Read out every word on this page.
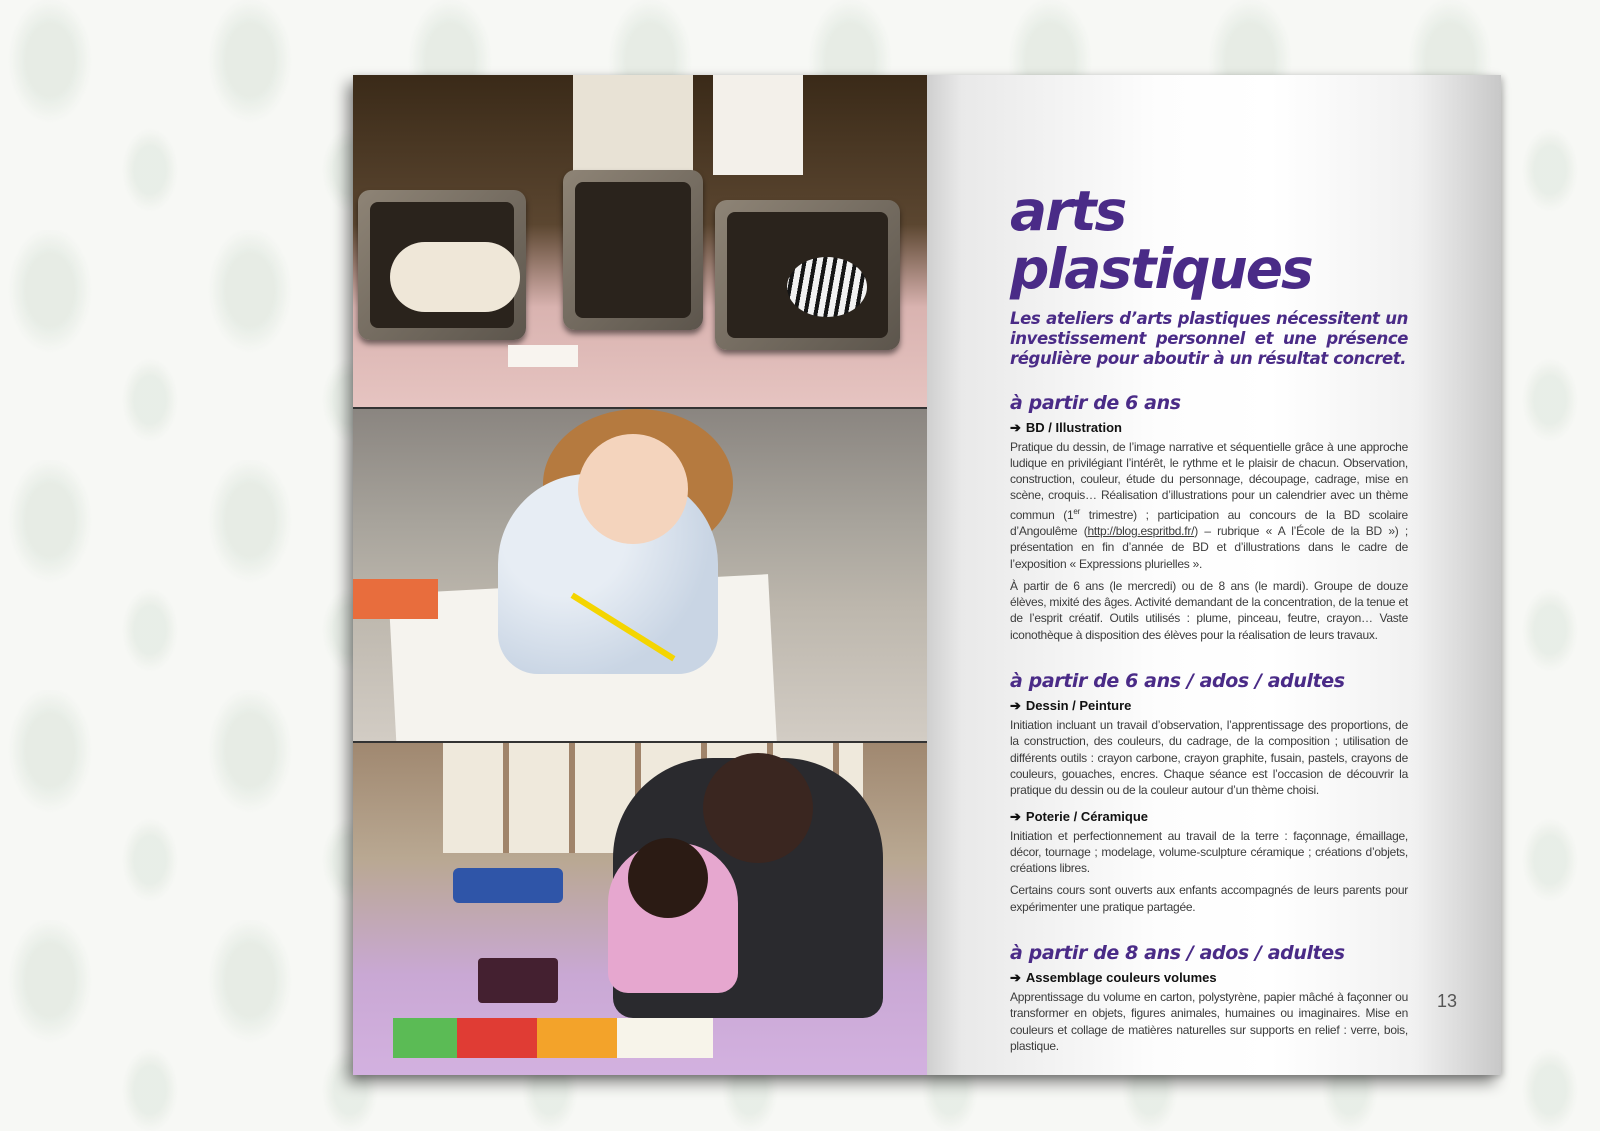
arts plastiques

Les ateliers d’arts plastiques nécessitent un investissement personnel et une présence régulière pour aboutir à un résultat concret.

à partir de 6 ans
➔ BD / Illustration

Pratique du dessin, de l’image narrative et séquentielle grâce à une approche ludique en privilégiant l’intérêt, le rythme et le plaisir de chacun. Observation, construction, couleur, étude du personnage, découpage, cadrage, mise en scène, croquis… Réalisation d’illustrations pour un calendrier avec un thème commun (1er trimestre) ; participation au concours de la BD scolaire d’Angoulême (http://blog.espritbd.fr/) – rubrique « A l’École de la BD ») ; présentation en fin d’année de BD et d’illustrations dans le cadre de l’exposition « Expressions plurielles ».

À partir de 6 ans (le mercredi) ou de 8 ans (le mardi). Groupe de douze élèves, mixité des âges. Activité demandant de la concentration, de la tenue et de l’esprit créatif. Outils utilisés : plume, pinceau, feutre, crayon… Vaste iconothèque à disposition des élèves pour la réalisation de leurs travaux.

à partir de 6 ans / ados / adultes
➔ Dessin / Peinture

Initiation incluant un travail d’observation, l’apprentissage des proportions, de la construction, des couleurs, du cadrage, de la composition ; utilisation de différents outils : crayon carbone, crayon graphite, fusain, pastels, crayons de couleurs, gouaches, encres. Chaque séance est l’occasion de découvrir la pratique du dessin ou de la couleur autour d’un thème choisi.

➔ Poterie / Céramique

Initiation et perfectionnement au travail de la terre : façonnage, émaillage, décor, tournage ; modelage, volume-sculpture céramique ; créations d’objets, créations libres.

Certains cours sont ouverts aux enfants accompagnés de leurs parents pour expérimenter une pratique partagée.

à partir de 8 ans / ados / adultes
➔ Assemblage couleurs volumes

Apprentissage du volume en carton, polystyrène, papier mâché à façonner ou transformer en objets, figures animales, humaines ou imaginaires. Mise en couleurs et collage de matières naturelles sur supports en relief : verre, bois, plastique.

13
